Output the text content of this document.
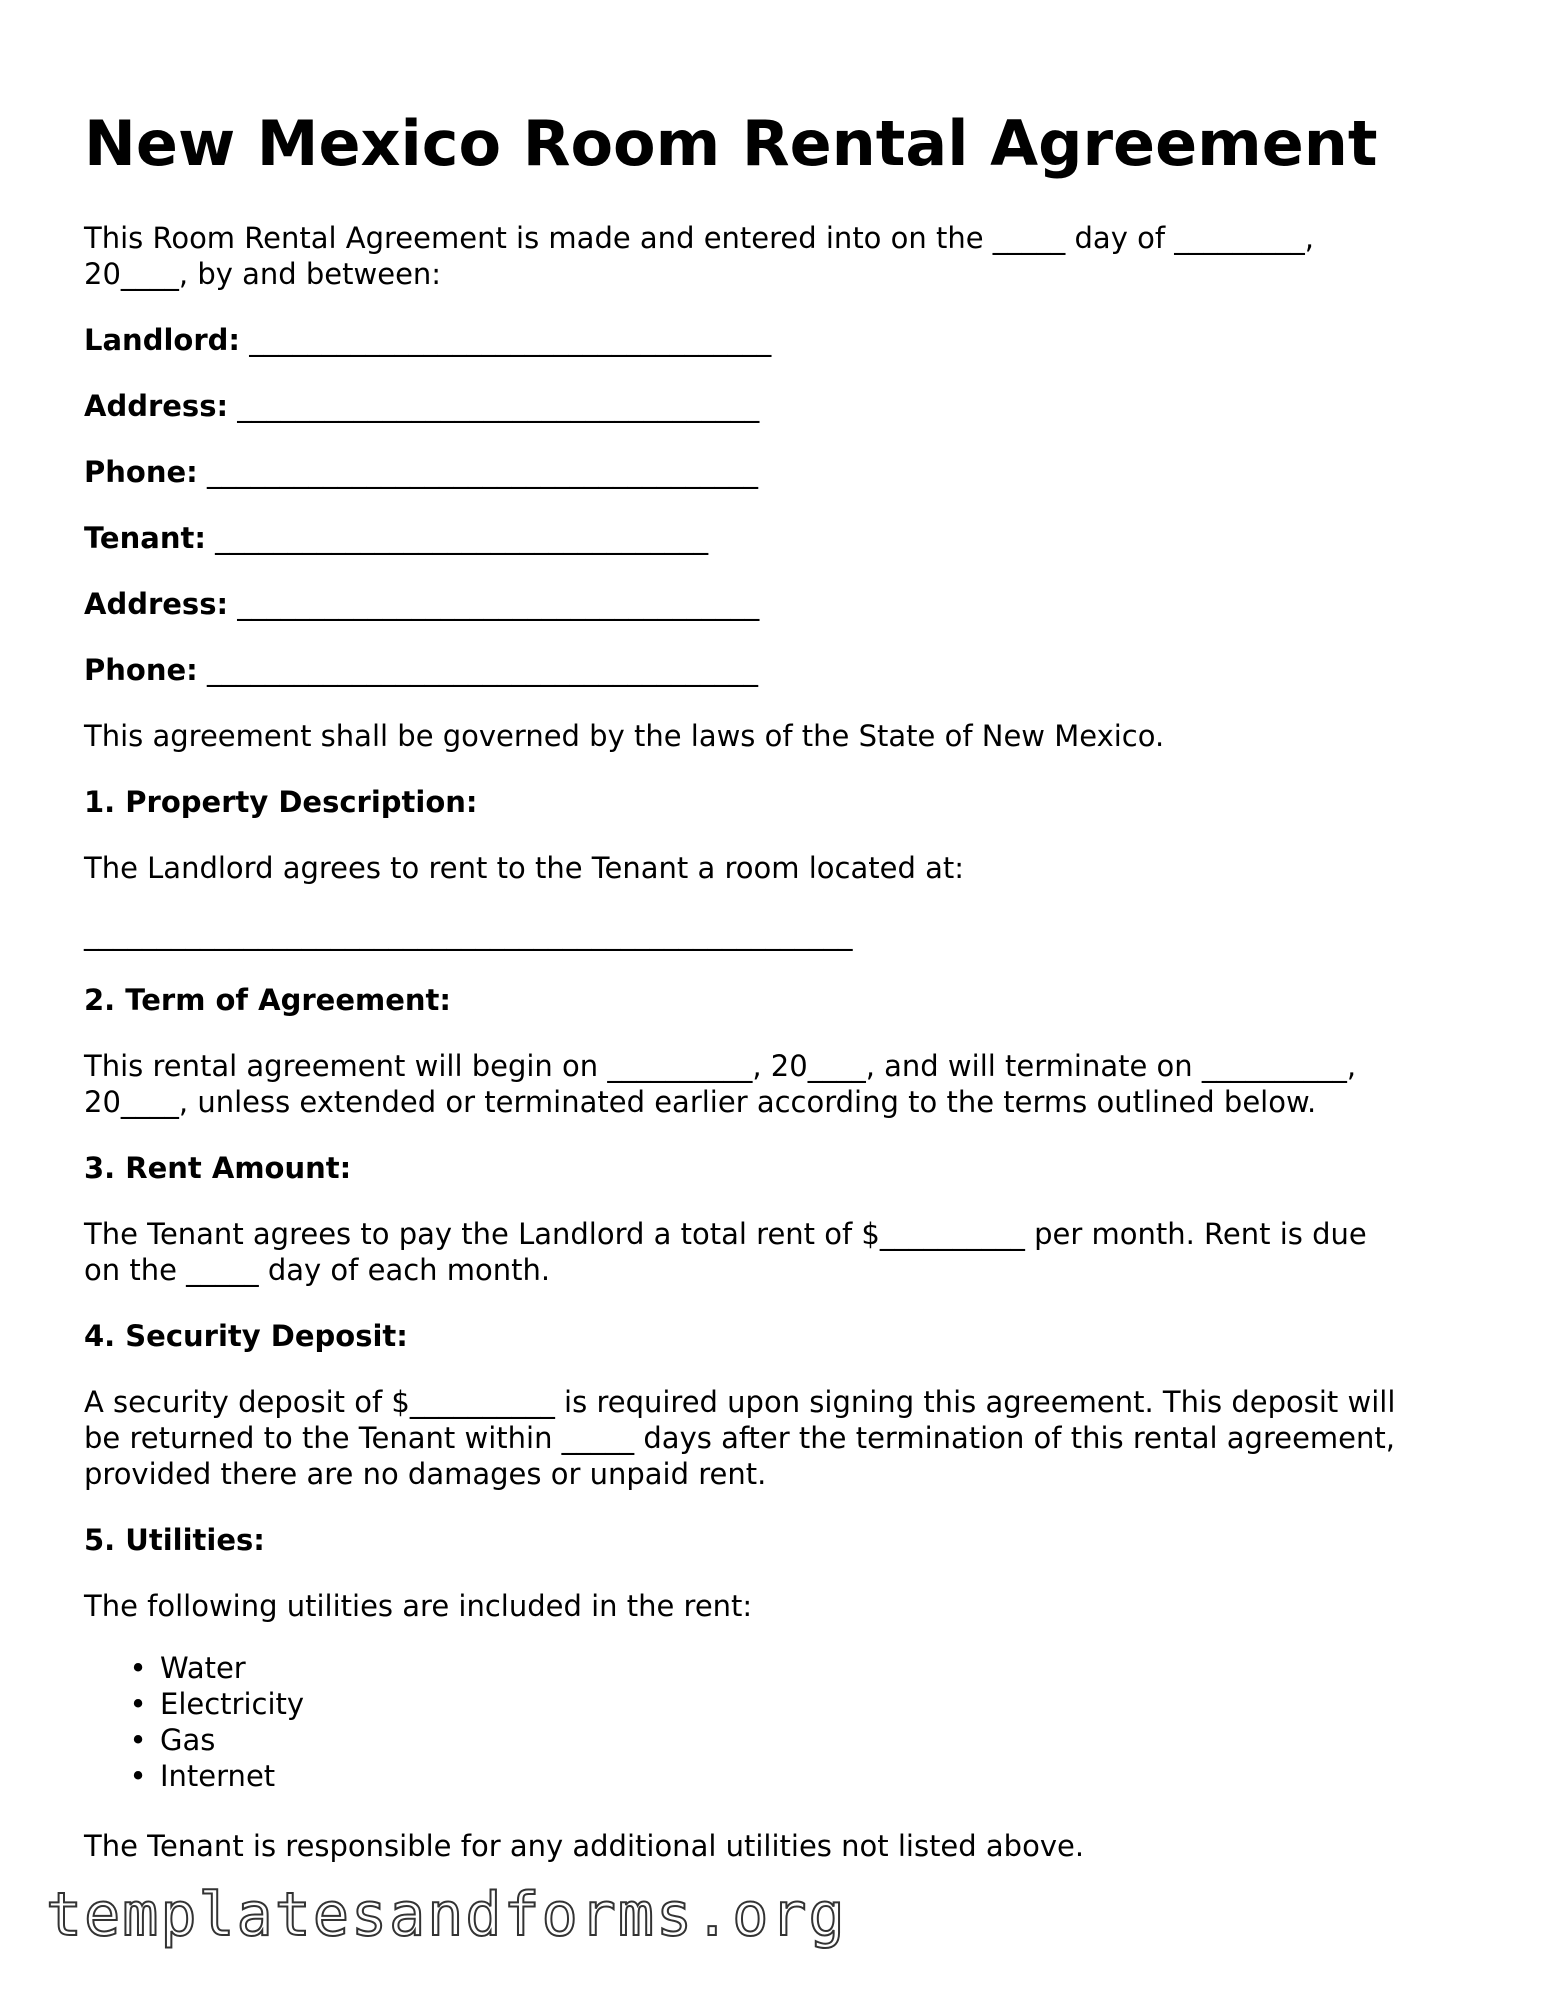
New Mexico Room Rental Agreement

This Room Rental Agreement is made and entered into on the _____ day of _________,

20____, by and between:

Landlord: ____________________________________

Address: ____________________________________

Phone: ______________________________________

Tenant: __________________________________

Address: ____________________________________

Phone: ______________________________________

This agreement shall be governed by the laws of the State of New Mexico.

1. Property Description:

The Landlord agrees to rent to the Tenant a room located at:

_____________________________________________________

2. Term of Agreement:

This rental agreement will begin on __________, 20____, and will terminate on __________,

20____, unless extended or terminated earlier according to the terms outlined below.

3. Rent Amount:

The Tenant agrees to pay the Landlord a total rent of $__________ per month. Rent is due

on the _____ day of each month.

4. Security Deposit:

A security deposit of $__________ is required upon signing this agreement. This deposit will

be returned to the Tenant within _____ days after the termination of this rental agreement,

provided there are no damages or unpaid rent.

5. Utilities:

The following utilities are included in the rent:

• Water
• Electricity
• Gas
• Internet

The Tenant is responsible for any additional utilities not listed above.

templatesandforms.org
